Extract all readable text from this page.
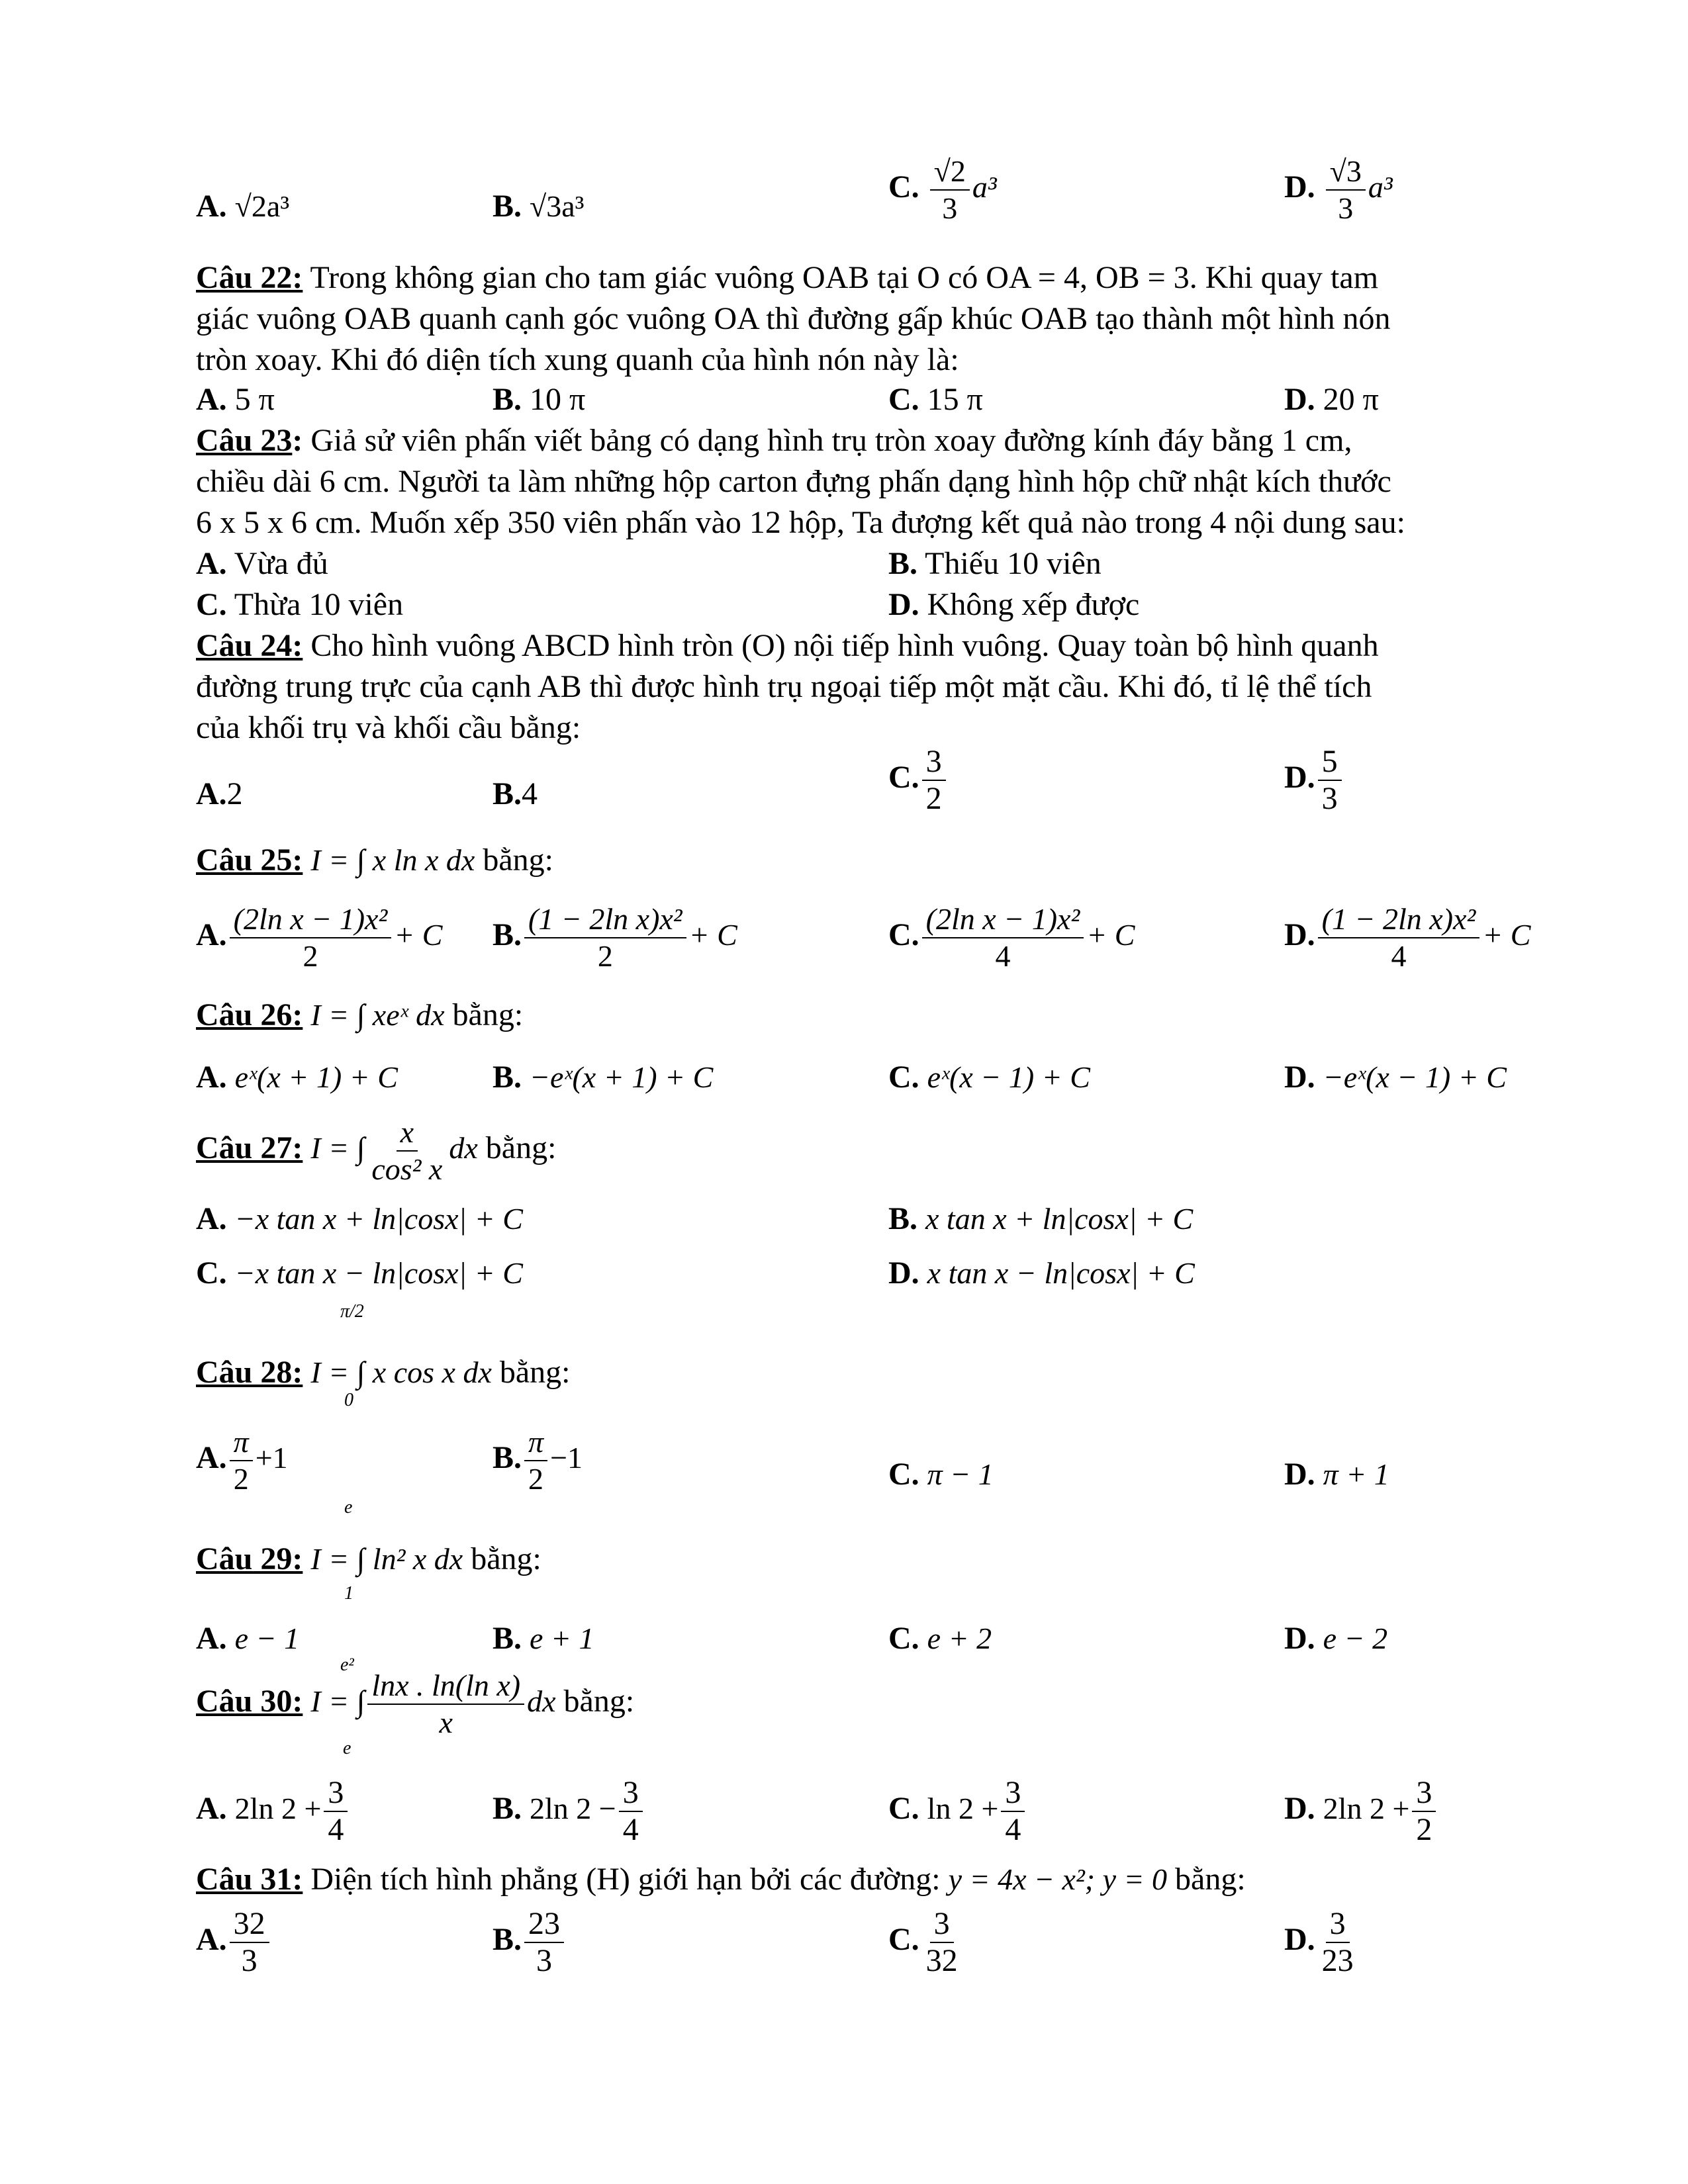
A. √2a³	B. √3a³
C. $\frac{√2}{3} a^3$	D. $\frac{√3}{3} a^3$
Câu 22: Trong không gian cho tam giác vuông OAB tại O có OA = 4, OB = 3. Khi quay tam
giác vuông OAB quanh cạnh góc vuông OA thì đường gấp khúc OAB tạo thành một hình nón
tròn xoay. Khi đó diện tích xung quanh của hình nón này là:
A. 5 π	B. 10 π	C. 15 π	D. 20 π
Câu 23: Giả sử viên phấn viết bảng có dạng hình trụ tròn xoay đường kính đáy bằng 1 cm,
chiều dài 6 cm. Người ta làm những hộp carton đựng phấn dạng hình hộp chữ nhật kích thước
6 x 5 x 6 cm. Muốn xếp 350 viên phấn vào 12 hộp, Ta đượng kết quả nào trong 4 nội dung sau:
A. Vừa đủ	B. Thiếu 10 viên
C. Thừa 10 viên	D. Không xếp được
Câu 24: Cho hình vuông ABCD hình tròn (O) nội tiếp hình vuông. Quay toàn bộ hình quanh
đường trung trực của cạnh AB thì được hình trụ ngoại tiếp một mặt cầu. Khi đó, tỉ lệ thể tích
của khối trụ và khối cầu bằng:
A.2	B.4	C. $\frac{3}{2}$	D. $\frac{5}{3}$
Câu 25: I = ∫ x ln x dx bằng:
A. $\frac{\text{(2ln x − 1)x²}}{2} + C$ B. $\frac{\text{(1 − 2ln x)x²}}{2} + C$	C. $\frac{\text{(2ln x − 1)x²}}{4} + C$	D. $\frac{\text{(1 − 2ln x)x²}}{4} + C$
Câu 26: I = ∫ xeˣ dx bằng:
A. eˣ(x + 1) + C	B. −eˣ(x + 1) + C	C. eˣ(x − 1) + C	D. −eˣ(x − 1) + C
Câu 27: I = ∫ $\frac{x}{\text{cos² x}}$ dx bằng:
A. −x tan x + ln|cosx| + C	B. x tan x + ln|cosx| + C
C. −x tan x − ln|cosx| + C	D. x tan x − ln|cosx| + C
π/2
0
Câu 28: I = ∫ x cos x dx bằng:
A. $\frac{\pi}{2} +1$	B. $\frac{\pi}{2} -1$	C. π − 1	D. π + 1
e
1
Câu 29: I = ∫ ln² x dx bằng:
A. e − 1	B. e + 1	C. e + 2	D. e − 2
e²
e
Câu 30: I = ∫ $\frac{\text{lnx . ln(ln x)}}{x}$ dx bằng:
A. 2ln $2 + \frac{3}{4}$	B. 2ln $2 - \frac{3}{4}$	C. $\ln 2 + \frac{3}{4}$	D. 2ln $2 + \frac{3}{2}$
Câu 31: Diện tích hình phẳng (H) giới hạn bởi các đường: y = 4x − x²; y = 0 bằng:
A. $\frac{32}{3}$	B. $\frac{23}{3}$	C. $\frac{3}{32}$	D. $\frac{3}{23}$
